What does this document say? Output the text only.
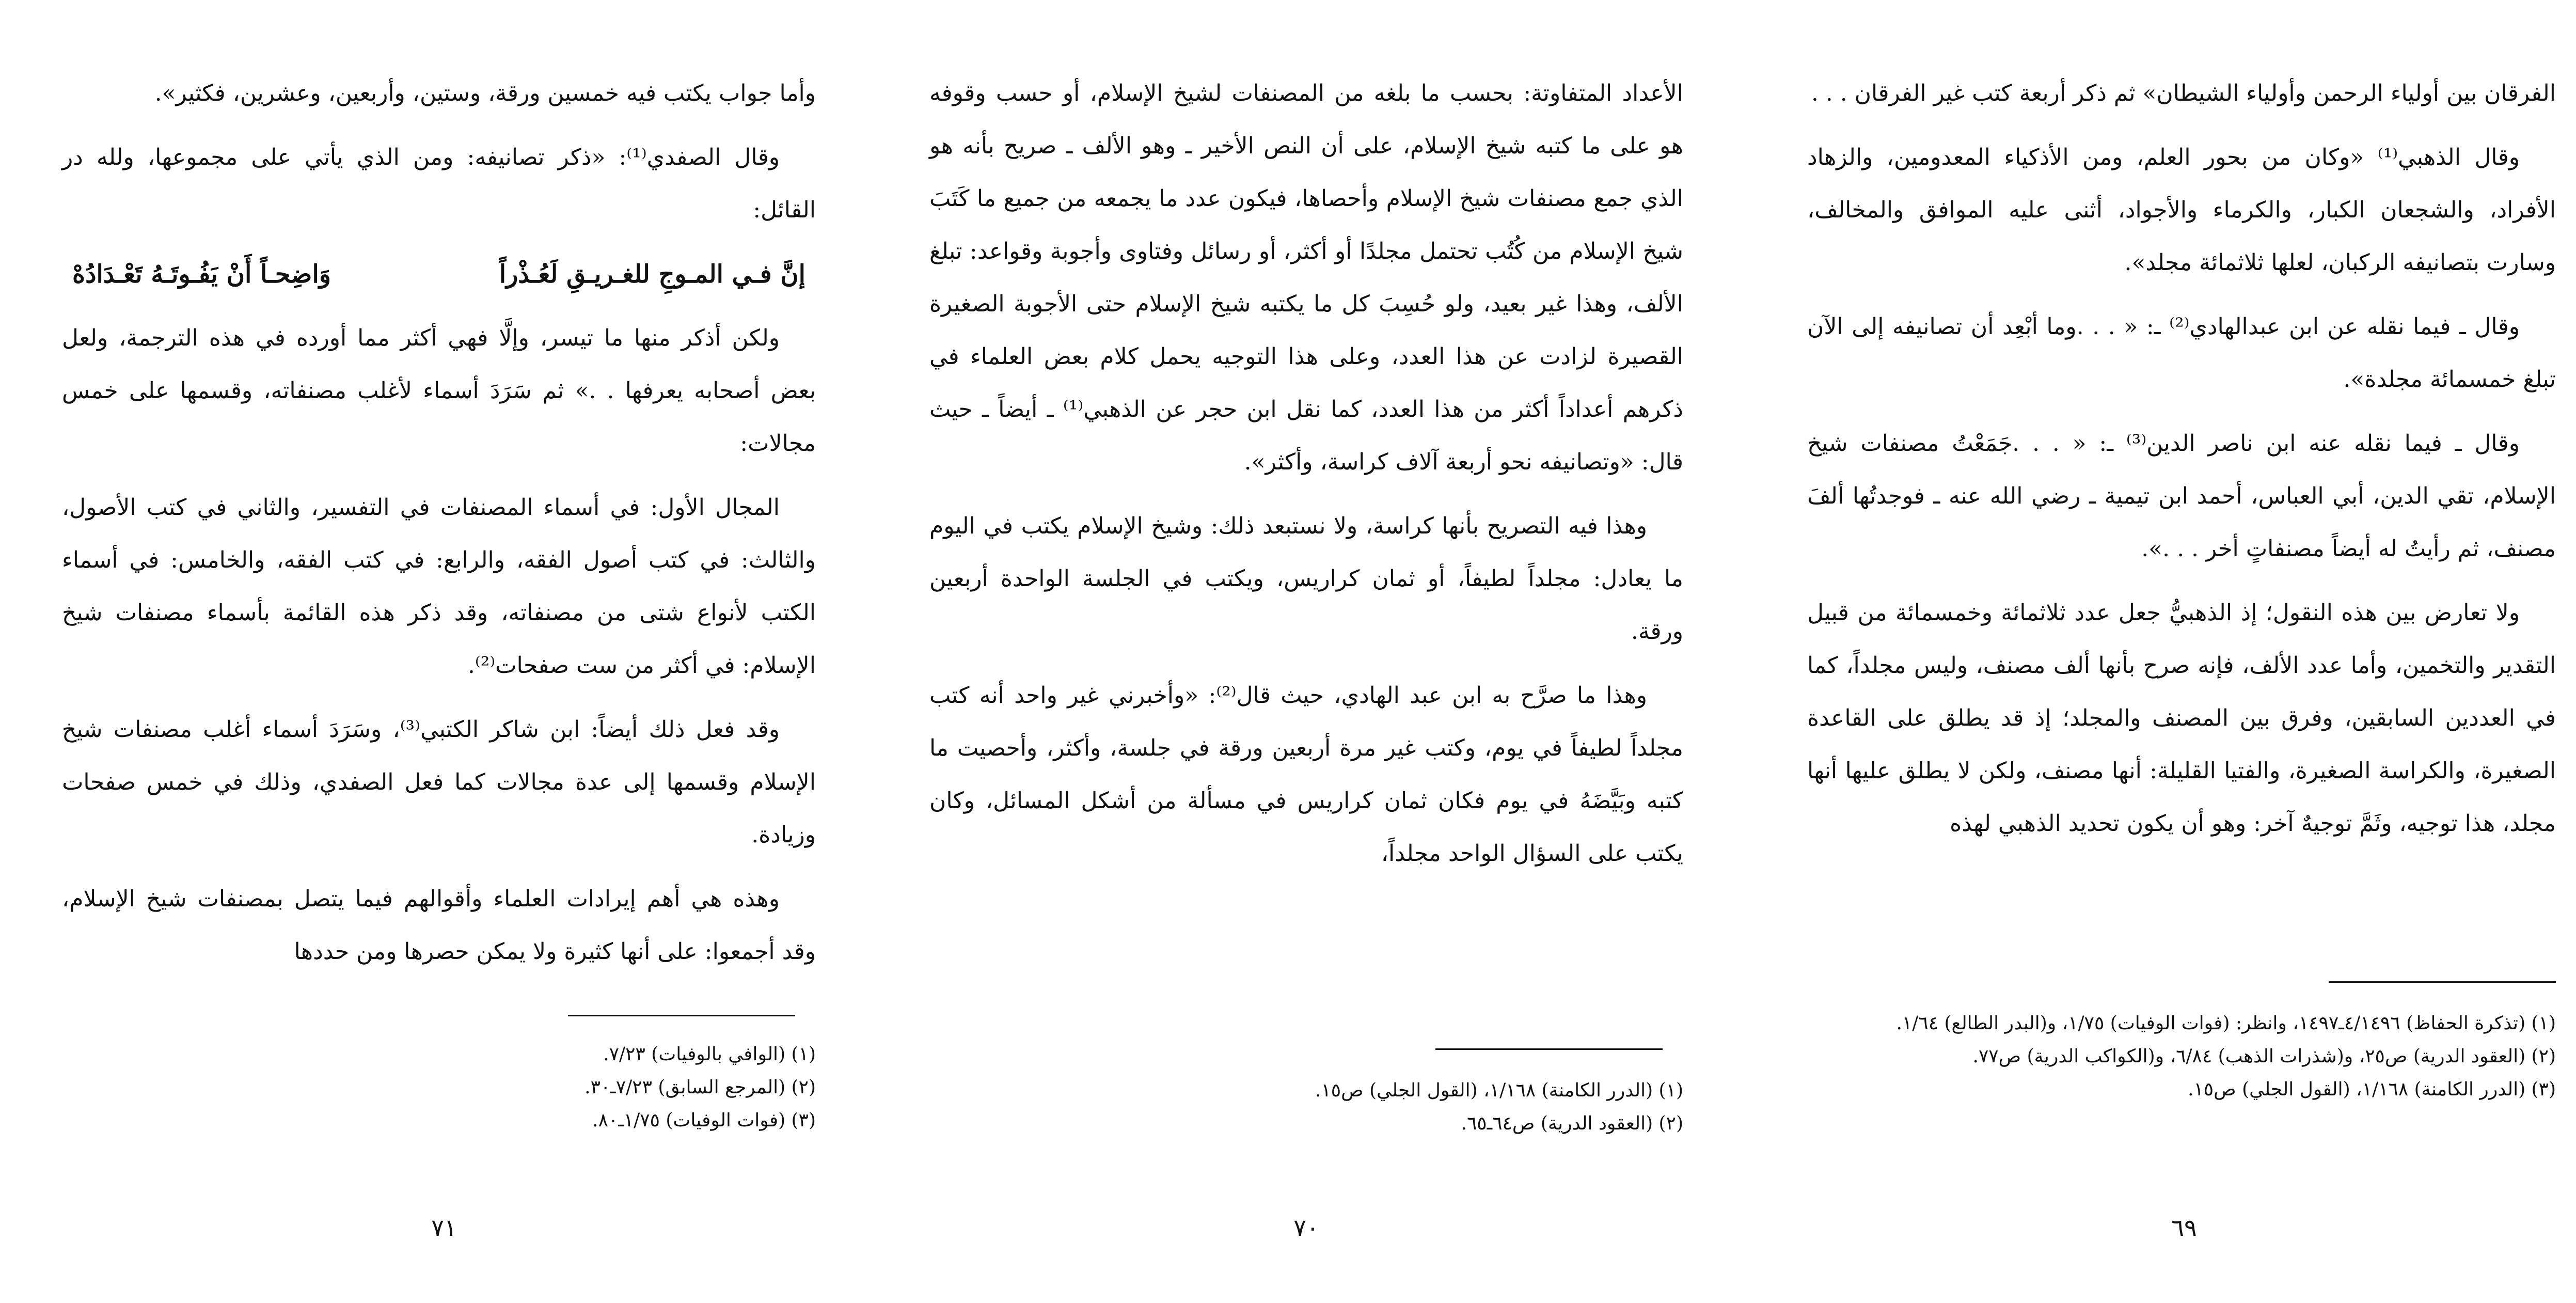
الفرقان بين أولياء الرحمن وأولياء الشيطان» ثم ذكر أربعة كتب غير الفرقان . . .

وقال الذهبي⁽¹⁾ «وكان من بحور العلم، ومن الأذكياء المعدومين، والزهاد الأفراد، والشجعان الكبار، والكرماء والأجواد، أثنى عليه الموافق والمخالف، وسارت بتصانيفه الركبان، لعلها ثلاثمائة مجلد».

وقال ـ فيما نقله عن ابن عبدالهادي⁽²⁾ ـ: « . . .وما أبْعِد أن تصانيفه إلى الآن تبلغ خمسمائة مجلدة».

وقال ـ فيما نقله عنه ابن ناصر الدين⁽³⁾ ـ: « . . .جَمَعْتُ مصنفات شيخ الإسلام، تقي الدين، أبي العباس، أحمد ابن تيمية ـ رضي الله عنه ـ فوجدتُها ألفَ مصنف، ثم رأيتُ له أيضاً مصنفاتٍ أخر . . .».

ولا تعارض بين هذه النقول؛ إذ الذهبيُّ جعل عدد ثلاثمائة وخمسمائة من قبيل التقدير والتخمين، وأما عدد الألف، فإنه صرح بأنها ألف مصنف، وليس مجلداً، كما في العددين السابقين، وفرق بين المصنف والمجلد؛ إذ قد يطلق على القاعدة الصغيرة، والكراسة الصغيرة، والفتيا القليلة: أنها مصنف، ولكن لا يطلق عليها أنها مجلد، هذا توجيه، وثَمَّ توجيهٌ آخر: وهو أن يكون تحديد الذهبي لهذه

(١) (تذكرة الحفاظ) ٤/١٤٩٦ـ١٤٩٧، وانظر: (فوات الوفيات) ١/٧٥، و(البدر الطالع) ١/٦٤.
(٢) (العقود الدرية) ص٢٥، و(شذرات الذهب) ٦/٨٤، و(الكواكب الدرية) ص٧٧.
(٣) (الدرر الكامنة) ١/١٦٨، (القول الجلي) ص١٥.
٦٩

الأعداد المتفاوتة: بحسب ما بلغه من المصنفات لشيخ الإسلام، أو حسب وقوفه هو على ما كتبه شيخ الإسلام، على أن النص الأخير ـ وهو الألف ـ صريح بأنه هو الذي جمع مصنفات شيخ الإسلام وأحصاها، فيكون عدد ما يجمعه من جميع ما كَتَبَ شيخ الإسلام من كُتُب تحتمل مجلدًا أو أكثر، أو رسائل وفتاوى وأجوبة وقواعد: تبلغ الألف، وهذا غير بعيد، ولو حُسِبَ كل ما يكتبه شيخ الإسلام حتى الأجوبة الصغيرة القصيرة لزادت عن هذا العدد، وعلى هذا التوجيه يحمل كلام بعض العلماء في ذكرهم أعداداً أكثر من هذا العدد، كما نقل ابن حجر عن الذهبي⁽¹⁾ ـ أيضاً ـ حيث قال: «وتصانيفه نحو أربعة آلاف كراسة، وأكثر».

وهذا فيه التصريح بأنها كراسة، ولا نستبعد ذلك: وشيخ الإسلام يكتب في اليوم ما يعادل: مجلداً لطيفاً، أو ثمان كراريس، ويكتب في الجلسة الواحدة أربعين ورقة.

وهذا ما صرَّح به ابن عبد الهادي، حيث قال⁽²⁾: «وأخبرني غير واحد أنه كتب مجلداً لطيفاً في يوم، وكتب غير مرة أربعين ورقة في جلسة، وأكثر، وأحصيت ما كتبه وبَيَّضَهُ في يوم فكان ثمان كراريس في مسألة من أشكل المسائل، وكان يكتب على السؤال الواحد مجلداً،

(١) (الدرر الكامنة) ١/١٦٨، (القول الجلي) ص١٥.
(٢) (العقود الدرية) ص٦٤ـ٦٥.
٧٠

وأما جواب يكتب فيه خمسين ورقة، وستين، وأربعين، وعشرين، فكثير».

وقال الصفدي⁽¹⁾: «ذكر تصانيفه: ومن الذي يأتي على مجموعها، ولله در القائل:

إنَّ فـي المـوجِ للغـريـقِ لَعُـذْراً
وَاضِحـاً أَنْ يَفُـوتَـهُ تَعْـدَادُهْ

ولكن أذكر منها ما تيسر، وإلَّا فهي أكثر مما أورده في هذه الترجمة، ولعل بعض أصحابه يعرفها . .» ثم سَرَدَ أسماء لأغلب مصنفاته، وقسمها على خمس مجالات:

المجال الأول: في أسماء المصنفات في التفسير، والثاني في كتب الأصول، والثالث: في كتب أصول الفقه، والرابع: في كتب الفقه، والخامس: في أسماء الكتب لأنواع شتى من مصنفاته، وقد ذكر هذه القائمة بأسماء مصنفات شيخ الإسلام: في أكثر من ست صفحات⁽²⁾.

وقد فعل ذلك أيضاً: ابن شاكر الكتبي⁽³⁾، وسَرَدَ أسماء أغلب مصنفات شيخ الإسلام وقسمها إلى عدة مجالات كما فعل الصفدي، وذلك في خمس صفحات وزيادة.

وهذه هي أهم إيرادات العلماء وأقوالهم فيما يتصل بمصنفات شيخ الإسلام، وقد أجمعوا: على أنها كثيرة ولا يمكن حصرها ومن حددها

(١) (الوافي بالوفيات) ٧/٢٣.
(٢) (المرجع السابق) ٧/٢٣ـ٣٠.
(٣) (فوات الوفيات) ١/٧٥ـ٨٠.
٧١
